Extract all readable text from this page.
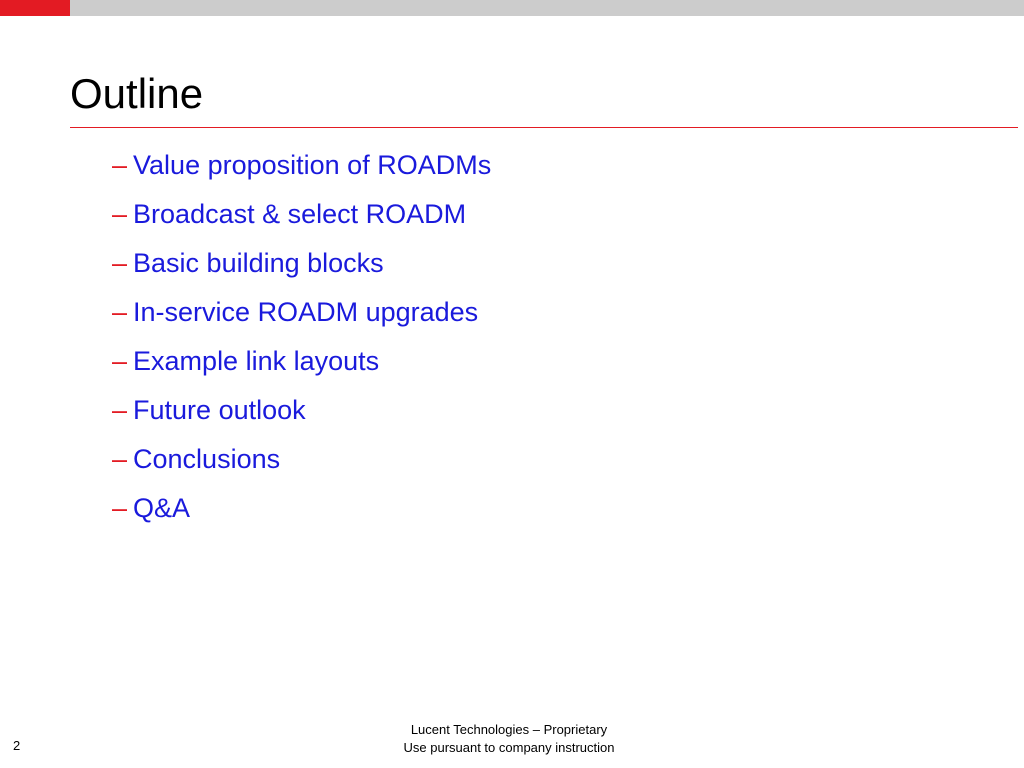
Outline
– Value proposition of ROADMs
– Broadcast & select ROADM
– Basic building blocks
– In-service ROADM upgrades
– Example link layouts
– Future outlook
– Conclusions
– Q&A
Lucent Technologies – Proprietary
Use pursuant to company instruction
2
